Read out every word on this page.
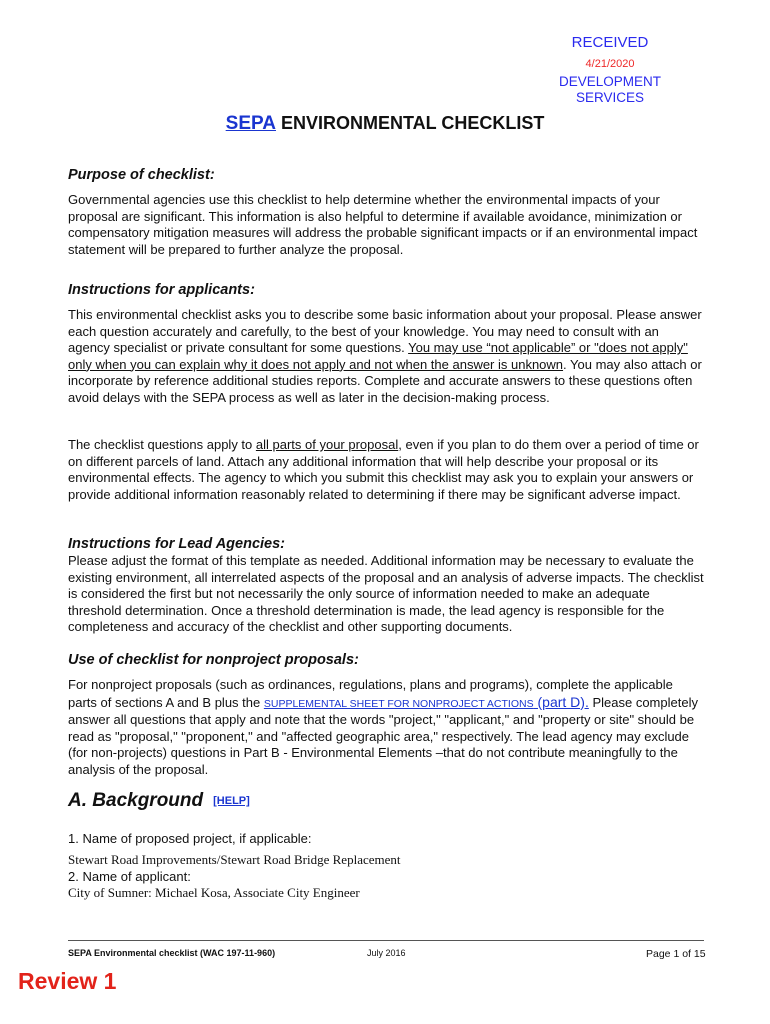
RECEIVED
4/21/2020
DEVELOPMENT
SERVICES
SEPA ENVIRONMENTAL CHECKLIST
Purpose of checklist:
Governmental agencies use this checklist to help determine whether the environmental impacts of your proposal are significant. This information is also helpful to determine if available avoidance, minimization or compensatory mitigation measures will address the probable significant impacts or if an environmental impact statement will be prepared to further analyze the proposal.
Instructions for applicants:
This environmental checklist asks you to describe some basic information about your proposal. Please answer each question accurately and carefully, to the best of your knowledge. You may need to consult with an agency specialist or private consultant for some questions. You may use “not applicable” or "does not apply" only when you can explain why it does not apply and not when the answer is unknown. You may also attach or incorporate by reference additional studies reports. Complete and accurate answers to these questions often avoid delays with the SEPA process as well as later in the decision-making process.
The checklist questions apply to all parts of your proposal, even if you plan to do them over a period of time or on different parcels of land. Attach any additional information that will help describe your proposal or its environmental effects. The agency to which you submit this checklist may ask you to explain your answers or provide additional information reasonably related to determining if there may be significant adverse impact.
Instructions for Lead Agencies:
Please adjust the format of this template as needed. Additional information may be necessary to evaluate the existing environment, all interrelated aspects of the proposal and an analysis of adverse impacts. The checklist is considered the first but not necessarily the only source of information needed to make an adequate threshold determination. Once a threshold determination is made, the lead agency is responsible for the completeness and accuracy of the checklist and other supporting documents.
Use of checklist for nonproject proposals:
For nonproject proposals (such as ordinances, regulations, plans and programs), complete the applicable parts of sections A and B plus the SUPPLEMENTAL SHEET FOR NONPROJECT ACTIONS (part D). Please completely answer all questions that apply and note that the words "project," "applicant," and "property or site" should be read as "proposal," "proponent," and "affected geographic area," respectively. The lead agency may exclude (for non-projects) questions in Part B - Environmental Elements –that do not contribute meaningfully to the analysis of the proposal.
A. Background [HELP]
1. Name of proposed project, if applicable:
Stewart Road Improvements/Stewart Road Bridge Replacement
2. Name of applicant:
City of Sumner: Michael Kosa, Associate City Engineer
SEPA Environmental checklist (WAC 197-11-960)	July 2016	Page 1 of 15
Review 1
